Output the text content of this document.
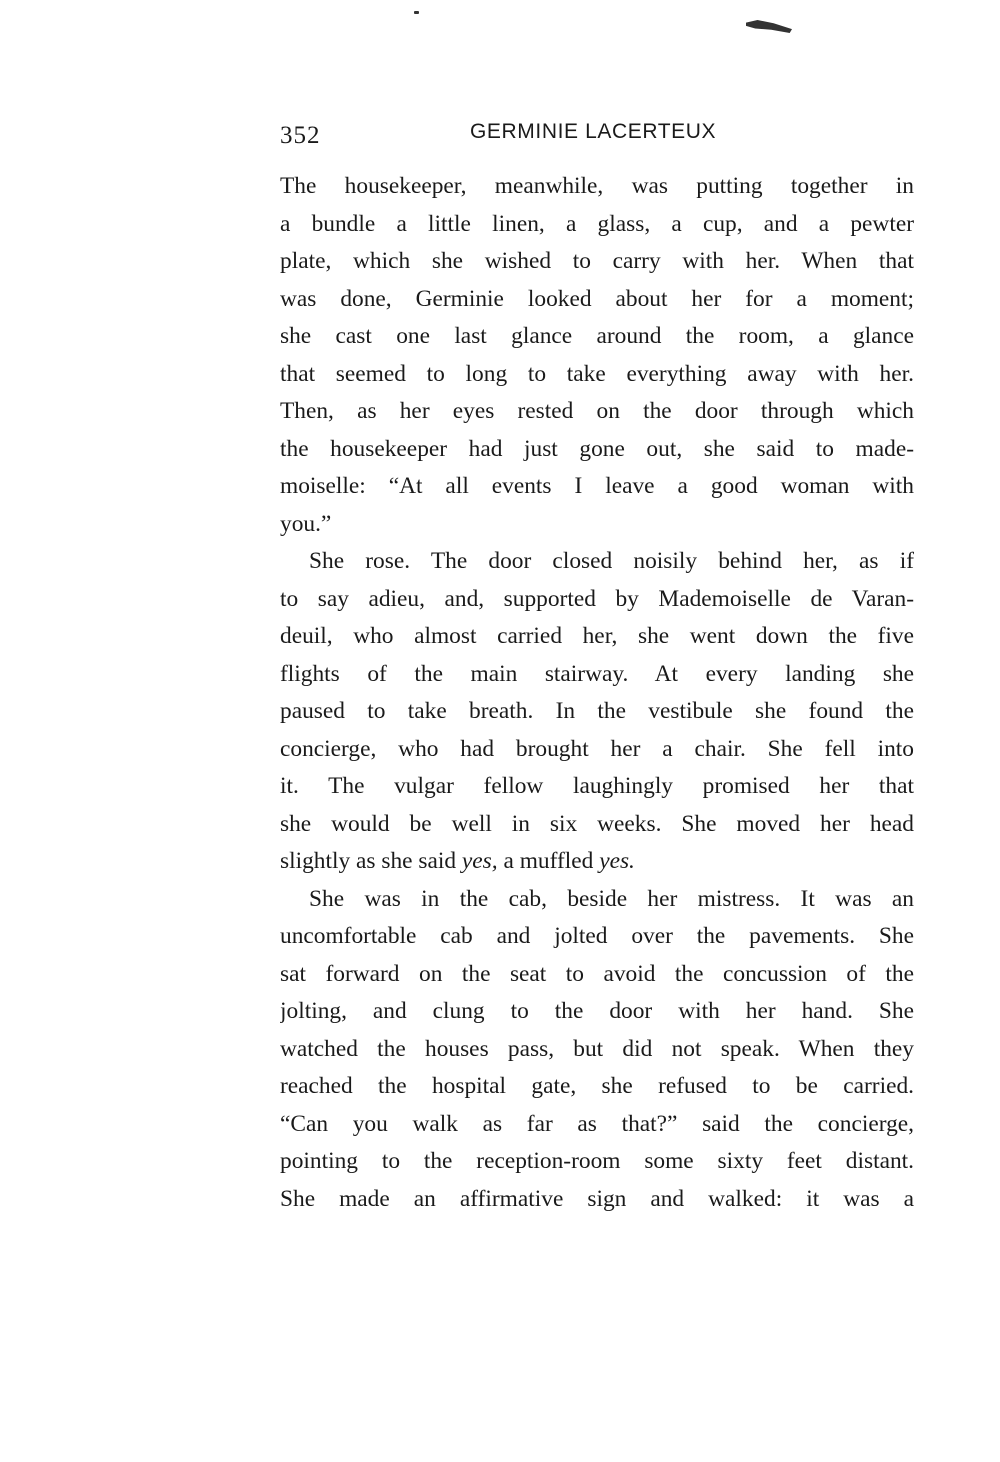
352	GERMINIE LACERTEUX
The housekeeper, meanwhile, was putting together in
a bundle a little linen, a glass, a cup, and a pewter
plate, which she wished to carry with her. When that
was done, Germinie looked about her for a moment;
she cast one last glance around the room, a glance
that seemed to long to take everything away with her.
Then, as her eyes rested on the door through which
the housekeeper had just gone out, she said to made-
moiselle: “At all events I leave a good woman with
you.”
She rose. The door closed noisily behind her, as if
to say adieu, and, supported by Mademoiselle de Varan-
deuil, who almost carried her, she went down the five
flights of the main stairway. At every landing she
paused to take breath. In the vestibule she found the
concierge, who had brought her a chair. She fell into
it. The vulgar fellow laughingly promised her that
she would be well in six weeks. She moved her head
slightly as she said yes, a muffled yes.
She was in the cab, beside her mistress. It was an
uncomfortable cab and jolted over the pavements. She
sat forward on the seat to avoid the concussion of the
jolting, and clung to the door with her hand. She
watched the houses pass, but did not speak. When they
reached the hospital gate, she refused to be carried.
“Can you walk as far as that?” said the concierge,
pointing to the reception-room some sixty feet distant.
She made an affirmative sign and walked: it was a
